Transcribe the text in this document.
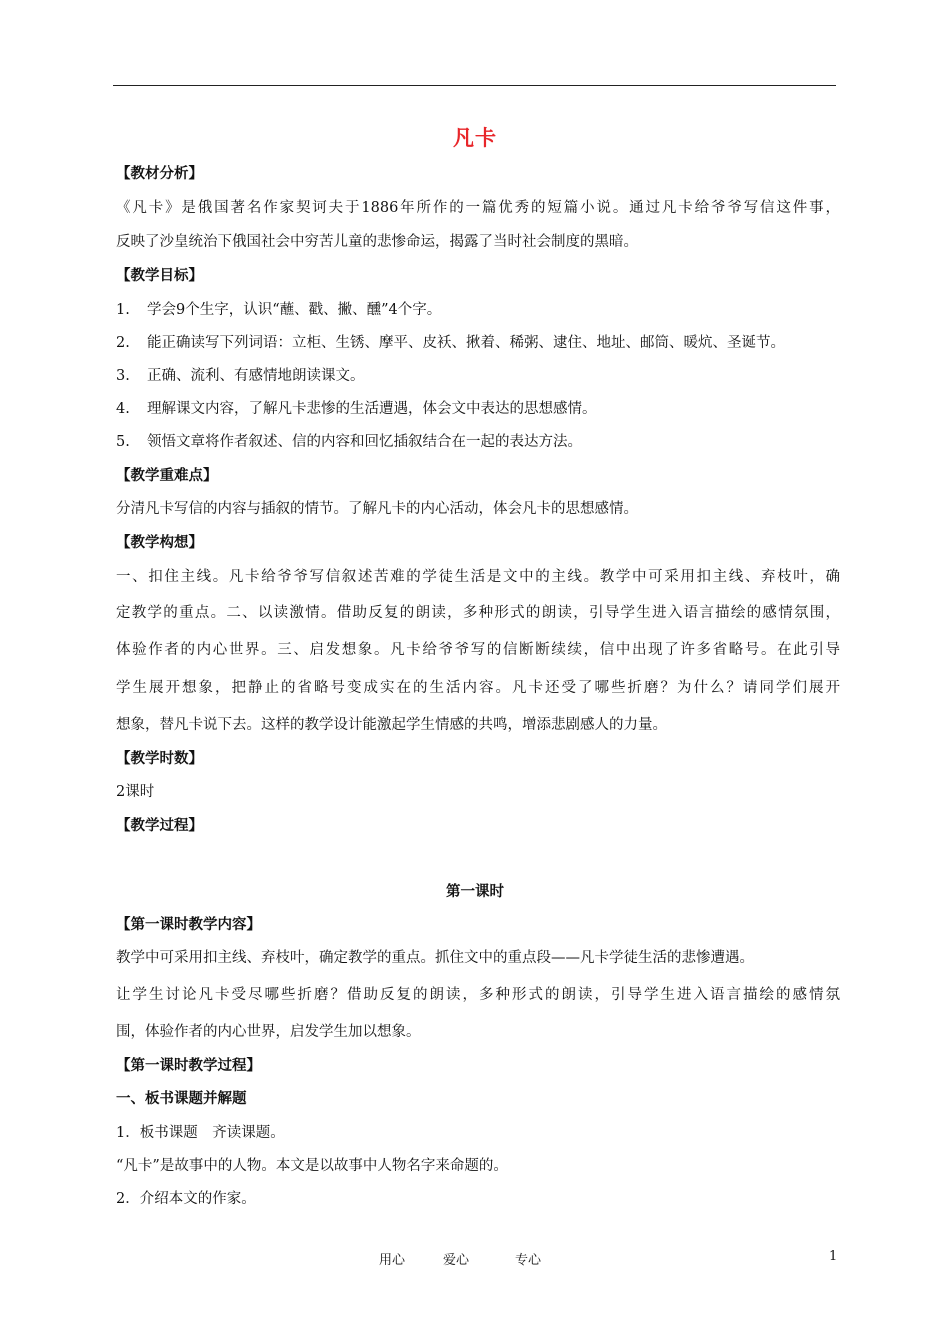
凡卡
【教材分析】
《凡卡》是俄国著名作家契诃夫于1886年所作的一篇优秀的短篇小说。通过凡卡给爷爷写信这件事，
反映了沙皇统治下俄国社会中穷苦儿童的悲惨命运，揭露了当时社会制度的黑暗。
【教学目标】
1. 学会9个生字，认识“蘸、戳、撇、醺”4个字。
2. 能正确读写下列词语：立柜、生锈、摩平、皮袄、揪着、稀粥、逮住、地址、邮筒、暖炕、圣诞节。
3. 正确、流利、有感情地朗读课文。
4. 理解课文内容，了解凡卡悲惨的生活遭遇，体会文中表达的思想感情。
5. 领悟文章将作者叙述、信的内容和回忆插叙结合在一起的表达方法。
【教学重难点】
分清凡卡写信的内容与插叙的情节。了解凡卡的内心活动，体会凡卡的思想感情。
【教学构想】
一、扣住主线。凡卡给爷爷写信叙述苦难的学徒生活是文中的主线。教学中可采用扣主线、弃枝叶，确
定教学的重点。二、以读激情。借助反复的朗读，多种形式的朗读，引导学生进入语言描绘的感情氛围，
体验作者的内心世界。三、启发想象。凡卡给爷爷写的信断断续续，信中出现了许多省略号。在此引导
学生展开想象，把静止的省略号变成实在的生活内容。凡卡还受了哪些折磨？为什么？请同学们展开
想象，替凡卡说下去。这样的教学设计能激起学生情感的共鸣，增添悲剧感人的力量。
【教学时数】
2课时
【教学过程】
第一课时
【第一课时教学内容】
教学中可采用扣主线、弃枝叶，确定教学的重点。抓住文中的重点段——凡卡学徒生活的悲惨遭遇。
让学生讨论凡卡受尽哪些折磨？借助反复的朗读，多种形式的朗读，引导学生进入语言描绘的感情氛
围，体验作者的内心世界，启发学生加以想象。
【第一课时教学过程】
一、板书课题并解题
1．板书课题　齐读课题。
“凡卡”是故事中的人物。本文是以故事中人物名字来命题的。
2．介绍本文的作家。
用心	爱心	专心	1
